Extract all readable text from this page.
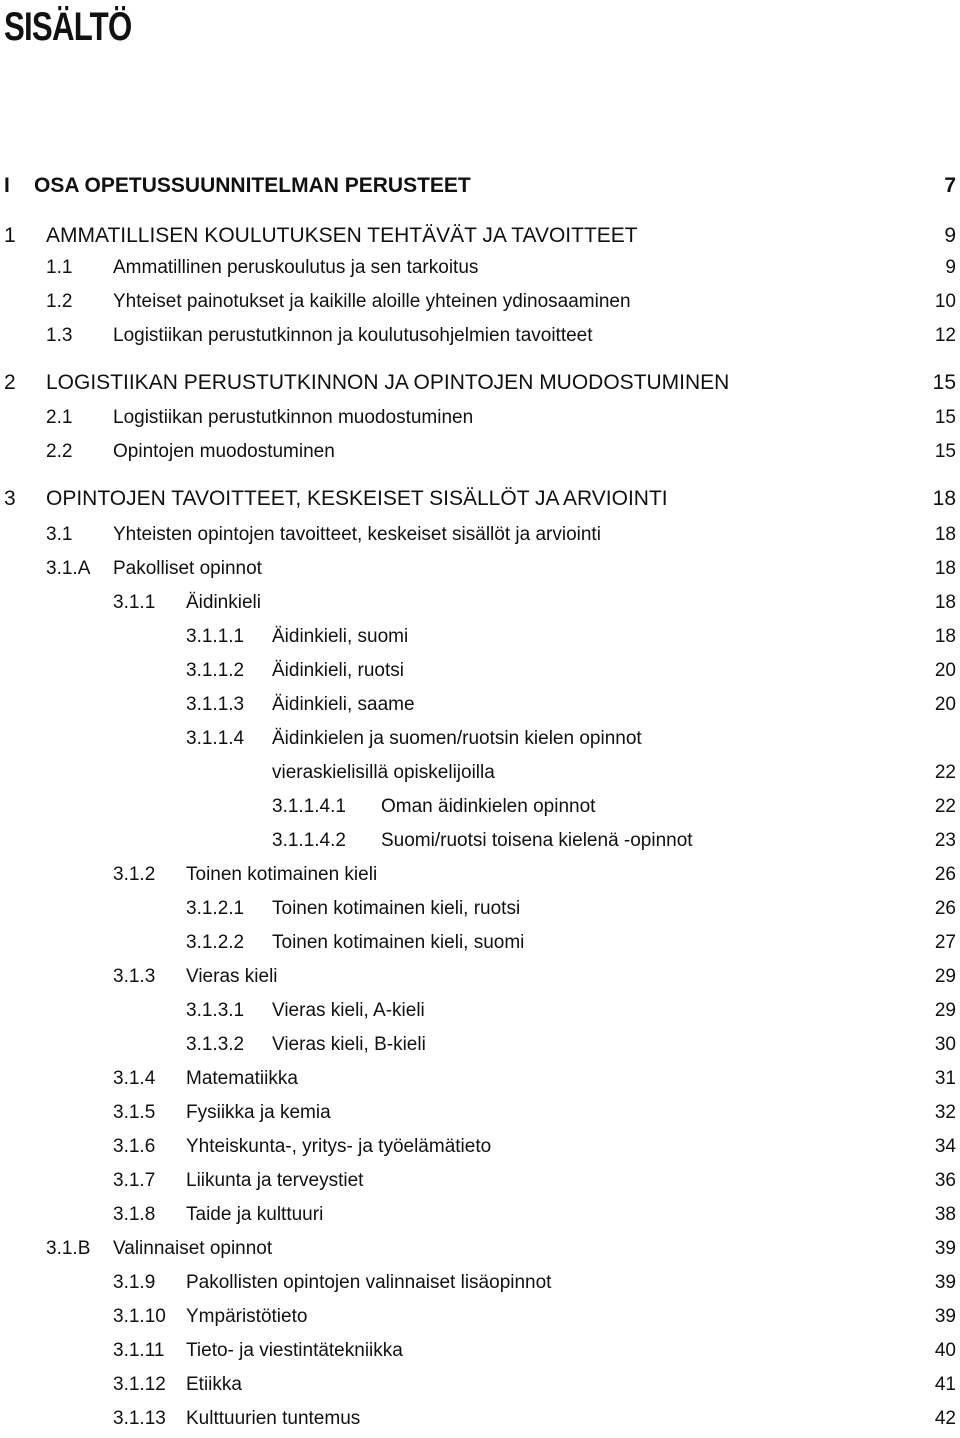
SISÄLTÖ
I OSA OPETUSSUUNNITELMAN PERUSTEET	7
1 AMMATILLISEN KOULUTUKSEN TEHTÄVÄT JA TAVOITTEET	9
1.1 Ammatillinen peruskoulutus ja sen tarkoitus	9
1.2 Yhteiset painotukset ja kaikille aloille yhteinen ydinosaaminen	10
1.3 Logistiikan perustutkinnon ja koulutusohjelmien tavoitteet	12
2 LOGISTIIKAN PERUSTUTKINNON JA OPINTOJEN MUODOSTUMINEN	15
2.1 Logistiikan perustutkinnon muodostuminen	15
2.2 Opintojen muodostuminen	15
3 OPINTOJEN TAVOITTEET, KESKEISET SISÄLLÖT JA ARVIOINTI	18
3.1 Yhteisten opintojen tavoitteet, keskeiset sisällöt ja arviointi	18
3.1.A Pakolliset opinnot	18
3.1.1 Äidinkieli	18
3.1.1.1 Äidinkieli, suomi	18
3.1.1.2 Äidinkieli, ruotsi	20
3.1.1.3 Äidinkieli, saame	20
3.1.1.4 Äidinkielen ja suomen/ruotsin kielen opinnot
vieraskielisillä opiskelijoilla	22
3.1.1.4.1 Oman äidinkielen opinnot	22
3.1.1.4.2 Suomi/ruotsi toisena kielenä -opinnot	23
3.1.2 Toinen kotimainen kieli	26
3.1.2.1 Toinen kotimainen kieli, ruotsi	26
3.1.2.2 Toinen kotimainen kieli, suomi	27
3.1.3 Vieras kieli	29
3.1.3.1 Vieras kieli, A-kieli	29
3.1.3.2 Vieras kieli, B-kieli	30
3.1.4 Matematiikka	31
3.1.5 Fysiikka ja kemia	32
3.1.6 Yhteiskunta-, yritys- ja työelämätieto	34
3.1.7 Liikunta ja terveystiet	36
3.1.8 Taide ja kulttuuri	38
3.1.B Valinnaiset opinnot	39
3.1.9 Pakollisten opintojen valinnaiset lisäopinnot	39
3.1.10 Ympäristötieto	39
3.1.11 Tieto- ja viestintätekniikka	40
3.1.12 Etiikka	41
3.1.13 Kulttuurien tuntemus	42
